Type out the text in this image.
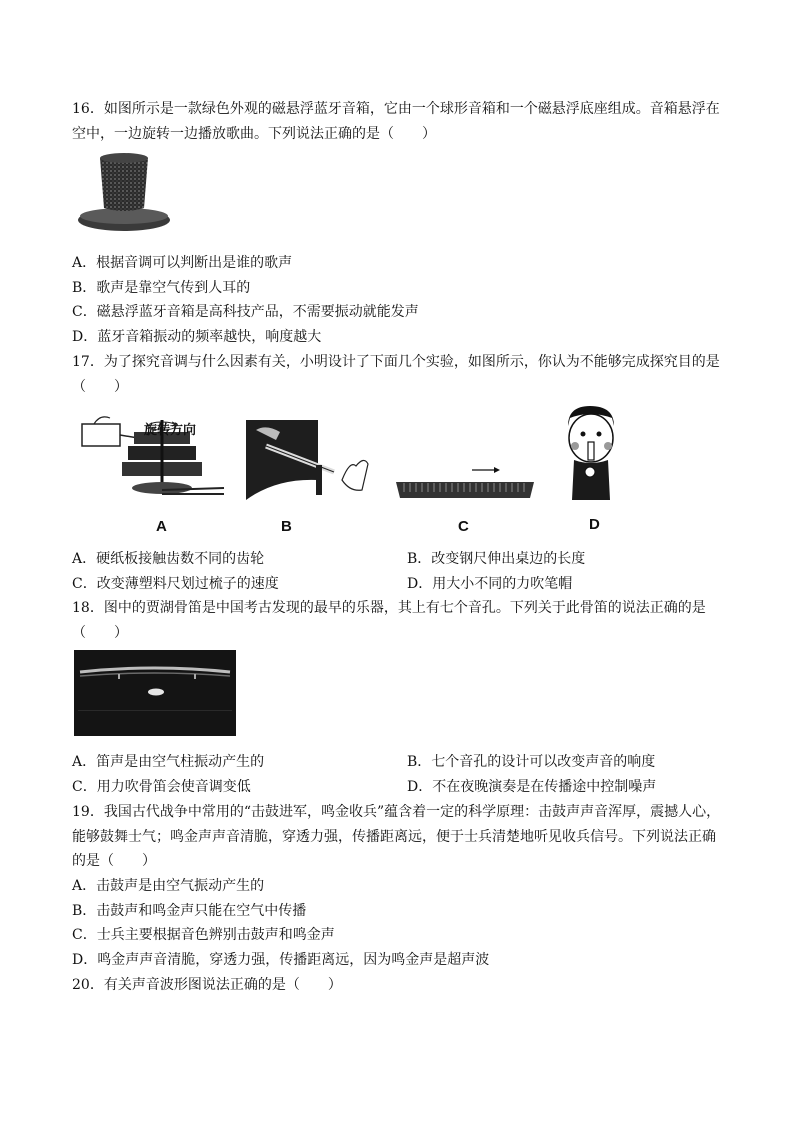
16．如图所示是一款绿色外观的磁悬浮蓝牙音箱，它由一个球形音箱和一个磁悬浮底座组成。音箱悬浮在
空中，一边旋转一边播放歌曲。下列说法正确的是（　　）
A．根据音调可以判断出是谁的歌声
B．歌声是靠空气传到人耳的
C．磁悬浮蓝牙音箱是高科技产品，不需要振动就能发声
D．蓝牙音箱振动的频率越快，响度越大
17．为了探究音调与什么因素有关，小明设计了下面几个实验，如图所示，你认为不能够完成探究目的是
（　　）
旋转方向
A	B	C	D
A．硬纸板接触齿数不同的齿轮	B．改变钢尺伸出桌边的长度
C．改变薄塑料尺划过梳子的速度	D．用大小不同的力吹笔帽
18．图中的贾湖骨笛是中国考古发现的最早的乐器，其上有七个音孔。下列关于此骨笛的说法正确的是
（　　）
A．笛声是由空气柱振动产生的	B．七个音孔的设计可以改变声音的响度
C．用力吹骨笛会使音调变低	D．不在夜晚演奏是在传播途中控制噪声
19．我国古代战争中常用的“击鼓进军，鸣金收兵”蕴含着一定的科学原理：击鼓声声音浑厚，震撼人心，
能够鼓舞士气；鸣金声声音清脆，穿透力强，传播距离远，便于士兵清楚地听见收兵信号。下列说法正确
的是（　　）
A．击鼓声是由空气振动产生的
B．击鼓声和鸣金声只能在空气中传播
C．士兵主要根据音色辨别击鼓声和鸣金声
D．鸣金声声音清脆，穿透力强，传播距离远，因为鸣金声是超声波
20．有关声音波形图说法正确的是（　　）
